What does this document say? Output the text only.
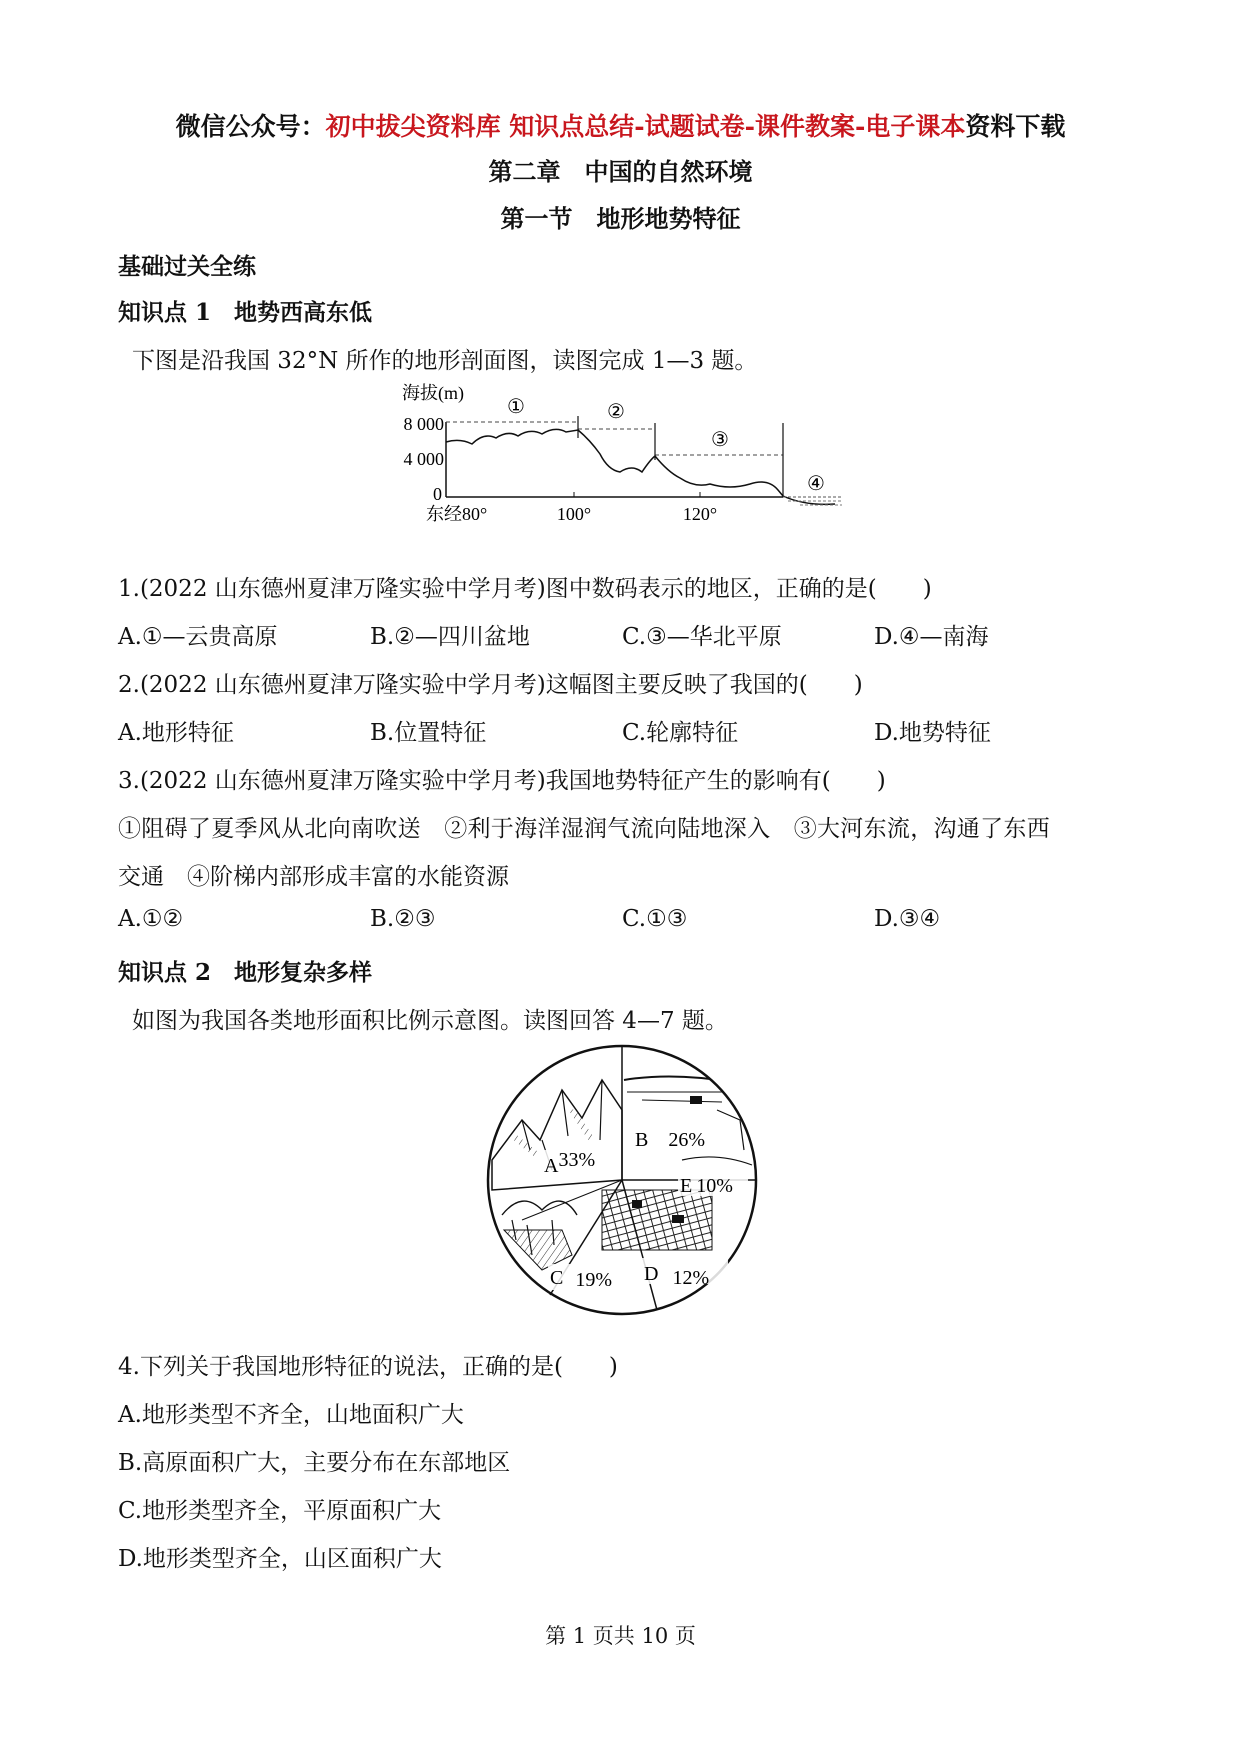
微信公众号：初中拔尖资料库 知识点总结-试题试卷-课件教案-电子课本资料下载
第二章　中国的自然环境
第一节　地形地势特征
基础过关全练
知识点 1　地势西高东低
下图是沿我国 32°N 所作的地形剖面图，读图完成 1—3 题。
海拔(m)
8 000
4 000
0
①	②
③
④
东经80°	100°	120°
1.(2022 山东德州夏津万隆实验中学月考)图中数码表示的地区，正确的是(　　)
A.①—云贵高原	B.②—四川盆地	C.③—华北平原	D.④—南海
2.(2022 山东德州夏津万隆实验中学月考)这幅图主要反映了我国的(　　)
A.地形特征	B.位置特征	C.轮廓特征	D.地势特征
3.(2022 山东德州夏津万隆实验中学月考)我国地势特征产生的影响有(　　)
①阻碍了夏季风从北向南吹送　②利于海洋湿润气流向陆地深入　③大河东流，沟通了东西
交通　④阶梯内部形成丰富的水能资源
A.①②	B.②③	C.①③	D.③④
知识点 2　地形复杂多样
如图为我国各类地形面积比例示意图。读图回答 4—7 题。
A33%
B 26%
E 10%
D 12%
C 19%
4.下列关于我国地形特征的说法，正确的是(　　)
A.地形类型不齐全，山地面积广大
B.高原面积广大，主要分布在东部地区
C.地形类型齐全，平原面积广大
D.地形类型齐全，山区面积广大
第 1 页共 10 页
